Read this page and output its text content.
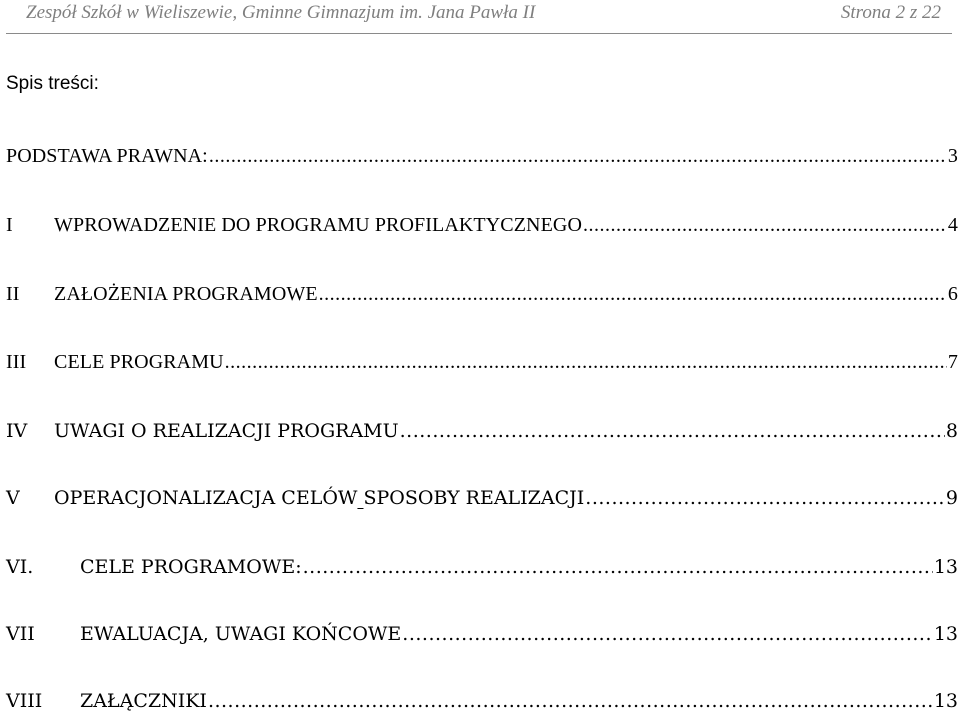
Zespół Szkół w Wieliszewie, Gminne Gimnazjum im. Jana Pawła II	Strona 2 z 22
Spis treści:
PODSTAWA PRAWNA: .....	3
I	WPROWADZENIE DO PROGRAMU PROFILAKTYCZNEGO .....	4
II	ZAŁOŻENIA PROGRAMOWE .....	6
III	CELE PROGRAMU .....	7
IV	UWAGI O REALIZACJI PROGRAMU .....	8
V	OPERACJONALIZACJA CELÓW SPOSOBY REALIZACJI .....	9
VI.	CELE PROGRAMOWE: .....	13
VII	EWALUACJA, UWAGI KOŃCOWE .....	13
VIII	ZAŁĄCZNIKI .....	13
